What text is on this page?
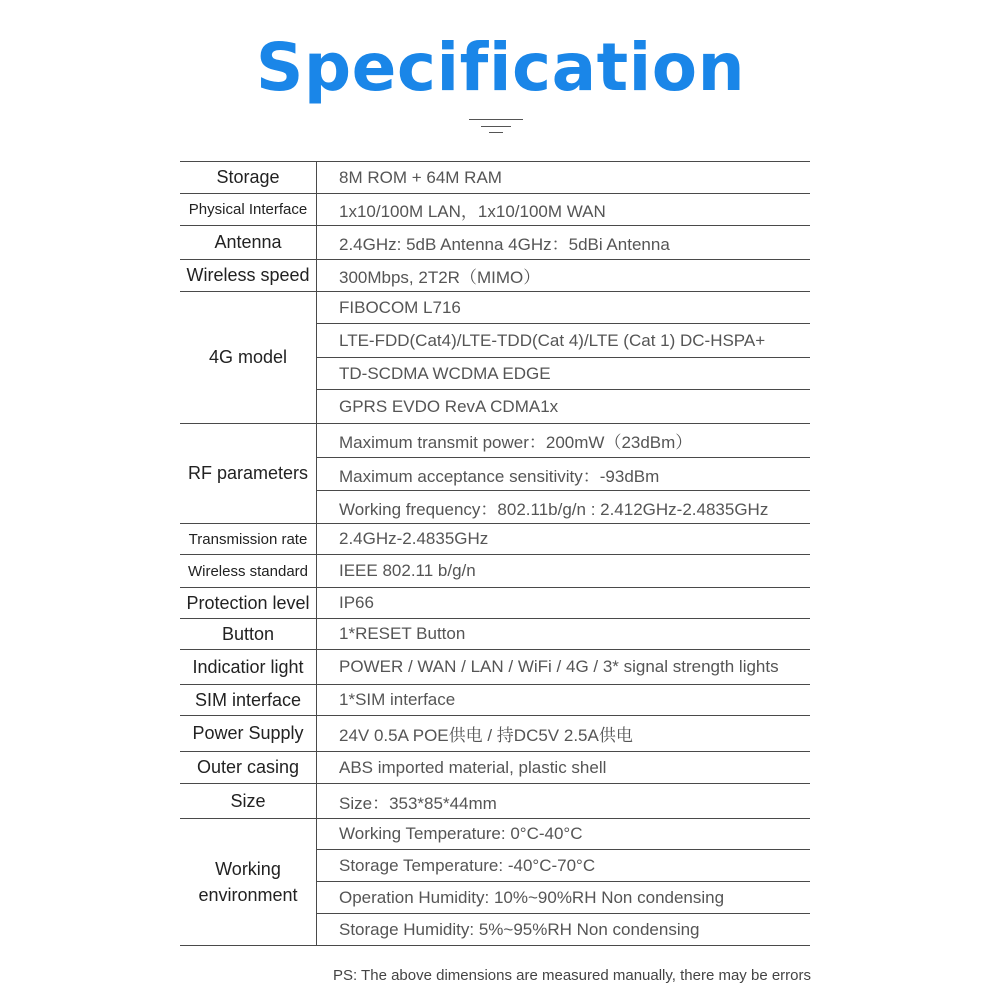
Specification
Storage	8M ROM + 64M RAM
Physical Interface	1x10/100M LAN，1x10/100M WAN
Antenna	2.4GHz: 5dB Antenna 4GHz：5dBi Antenna
Wireless speed	300Mbps, 2T2R（MIMO）
4G model	FIBOCOM L716
	LTE-FDD(Cat4)/LTE-TDD(Cat 4)/LTE (Cat 1) DC-HSPA+
	TD-SCDMA WCDMA EDGE
	GPRS EVDO RevA CDMA1x
RF parameters	Maximum transmit power：200mW（23dBm）
	Maximum acceptance sensitivity：-93dBm
	Working frequency：802.11b/g/n : 2.412GHz-2.4835GHz
Transmission rate	2.4GHz-2.4835GHz
Wireless standard	IEEE 802.11 b/g/n
Protection level	IP66
Button	1*RESET Button
Indicatior light	POWER / WAN / LAN / WiFi / 4G / 3* signal strength lights
SIM interface	1*SIM interface
Power Supply	24V 0.5A POE供电 / 持DC5V 2.5A供电
Outer casing	ABS imported material, plastic shell
Size	Size：353*85*44mm
Working environment	Working Temperature: 0°C-40°C
	Storage Temperature: -40°C-70°C
	Operation Humidity: 10%~90%RH Non condensing
	Storage Humidity: 5%~95%RH Non condensing
PS: The above dimensions are measured manually, there may be errors
